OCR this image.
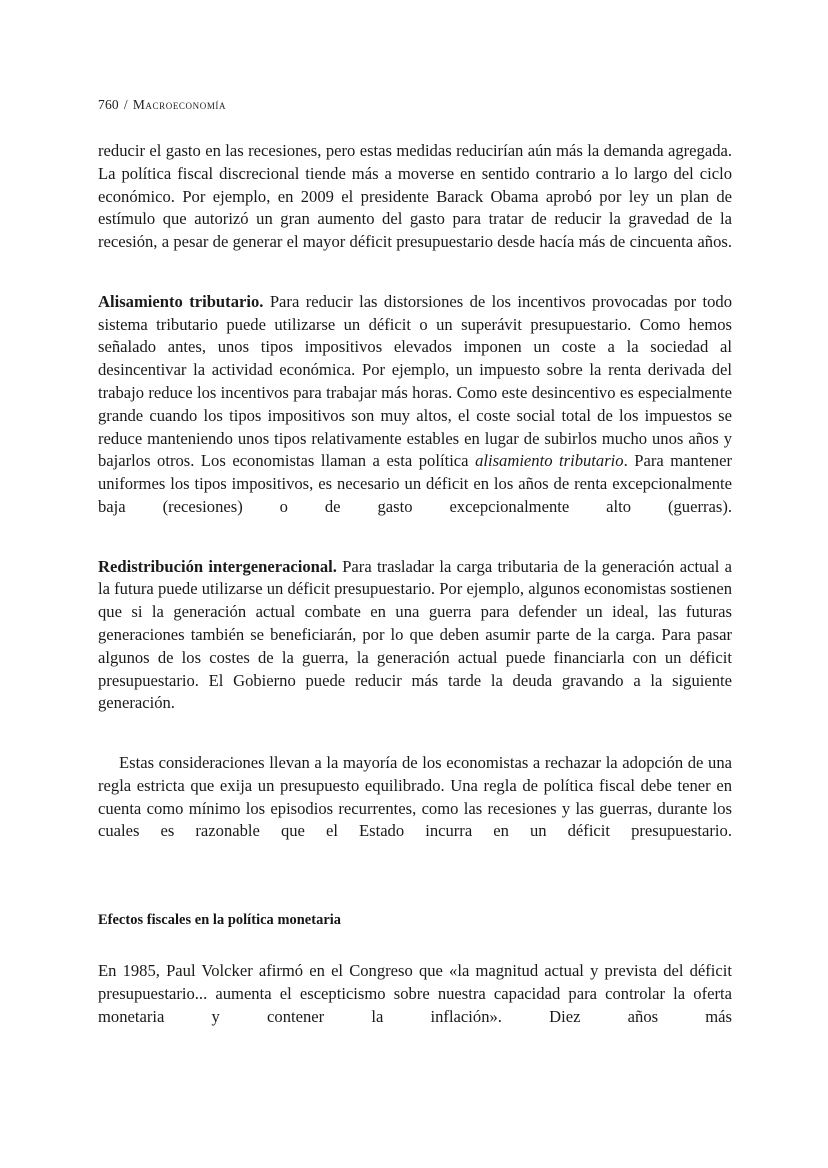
760 / Macroeconomía

reducir el gasto en las recesiones, pero estas medidas reducirían aún más la demanda agregada. La política fiscal discrecional tiende más a moverse en sentido contrario a lo largo del ciclo económico. Por ejemplo, en 2009 el presidente Barack Obama aprobó por ley un plan de estímulo que autorizó un gran aumento del gasto para tratar de reducir la gravedad de la recesión, a pesar de generar el mayor déficit presupuestario desde hacía más de cincuenta años.

Alisamiento tributario. Para reducir las distorsiones de los incentivos provocadas por todo sistema tributario puede utilizarse un déficit o un superávit presupuestario. Como hemos señalado antes, unos tipos impositivos elevados imponen un coste a la sociedad al desincentivar la actividad económica. Por ejemplo, un impuesto sobre la renta derivada del trabajo reduce los incentivos para trabajar más horas. Como este desincentivo es especialmente grande cuando los tipos impositivos son muy altos, el coste social total de los impuestos se reduce manteniendo unos tipos relativamente estables en lugar de subirlos mucho unos años y bajarlos otros. Los economistas llaman a esta política alisamiento tributario. Para mantener uniformes los tipos impositivos, es necesario un déficit en los años de renta excepcionalmente baja (recesiones) o de gasto excepcionalmente alto (guerras).

Redistribución intergeneracional. Para trasladar la carga tributaria de la generación actual a la futura puede utilizarse un déficit presupuestario. Por ejemplo, algunos economistas sostienen que si la generación actual combate en una guerra para defender un ideal, las futuras generaciones también se beneficiarán, por lo que deben asumir parte de la carga. Para pasar algunos de los costes de la guerra, la generación actual puede financiarla con un déficit presupuestario. El Gobierno puede reducir más tarde la deuda gravando a la siguiente generación.

Estas consideraciones llevan a la mayoría de los economistas a rechazar la adopción de una regla estricta que exija un presupuesto equilibrado. Una regla de política fiscal debe tener en cuenta como mínimo los episodios recurrentes, como las recesiones y las guerras, durante los cuales es razonable que el Estado incurra en un déficit presupuestario.

Efectos fiscales en la política monetaria

En 1985, Paul Volcker afirmó en el Congreso que «la magnitud actual y prevista del déficit presupuestario... aumenta el escepticismo sobre nuestra capacidad para controlar la oferta monetaria y contener la inflación». Diez años más
